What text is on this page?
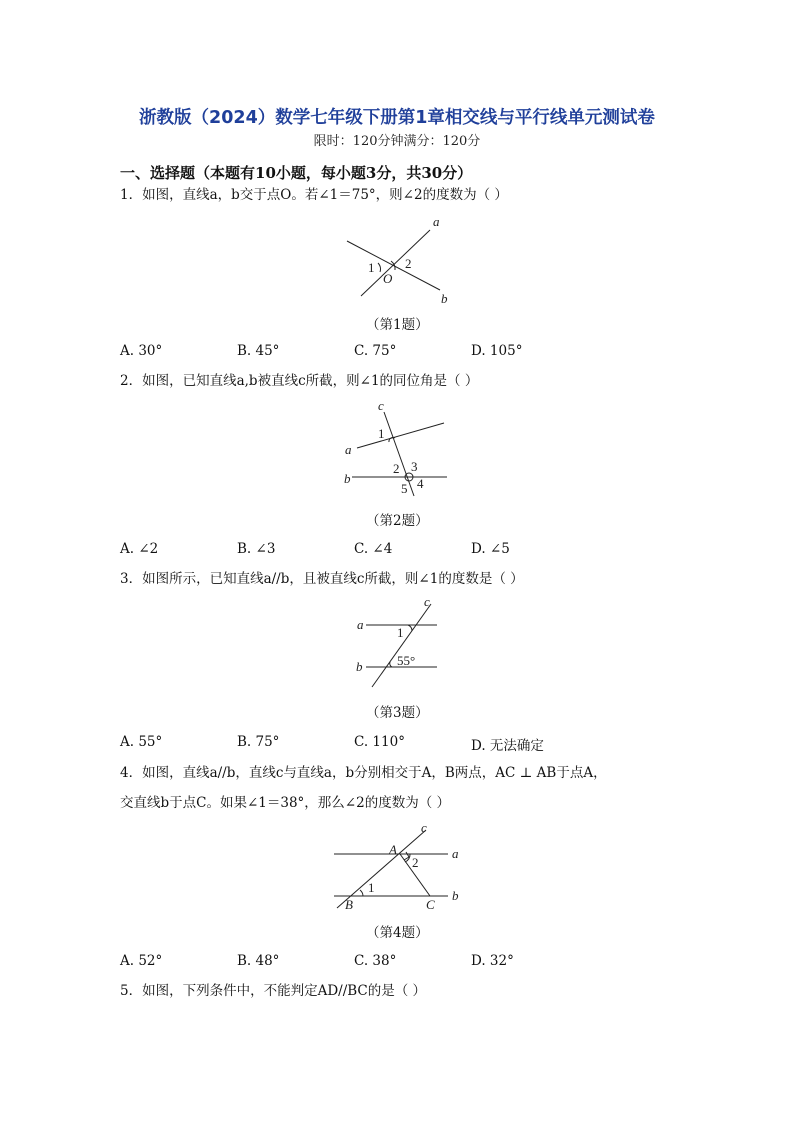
浙教版（2024）数学七年级下册第1章相交线与平行线单元测试卷
限时：120分钟满分：120分
一、选择题（本题有10小题，每小题3分，共30分）
1．如图，直线a，b交于点O。若∠1＝75°，则∠2的度数为（ ）
a
b
1 2
O
（第1题）
A. 30°	B. 45°	C. 75°	D. 105°
2．如图，已知直线a,b被直线c所截，则∠1的同位角是（ ）
c
a
b
1
2 3
4
5
（第2题）
A. ∠2	B. ∠3	C. ∠4	D. ∠5
3．如图所示，已知直线a//b，且被直线c所截，则∠1的度数是（ ）
c
a
b
1
55°
（第3题）
A. 55°	B. 75°	C. 110°	D. 无法确定
4．如图，直线a//b，直线c与直线a，b分别相交于A，B两点，AC ⊥ AB于点A，
交直线b于点C。如果∠1＝38°，那么∠2的度数为（ ）
c
A
2
a
1
B	C
b
（第4题）
A. 52°	B. 48°	C. 38°	D. 32°
5．如图，下列条件中，不能判定AD//BC的是（ ）
